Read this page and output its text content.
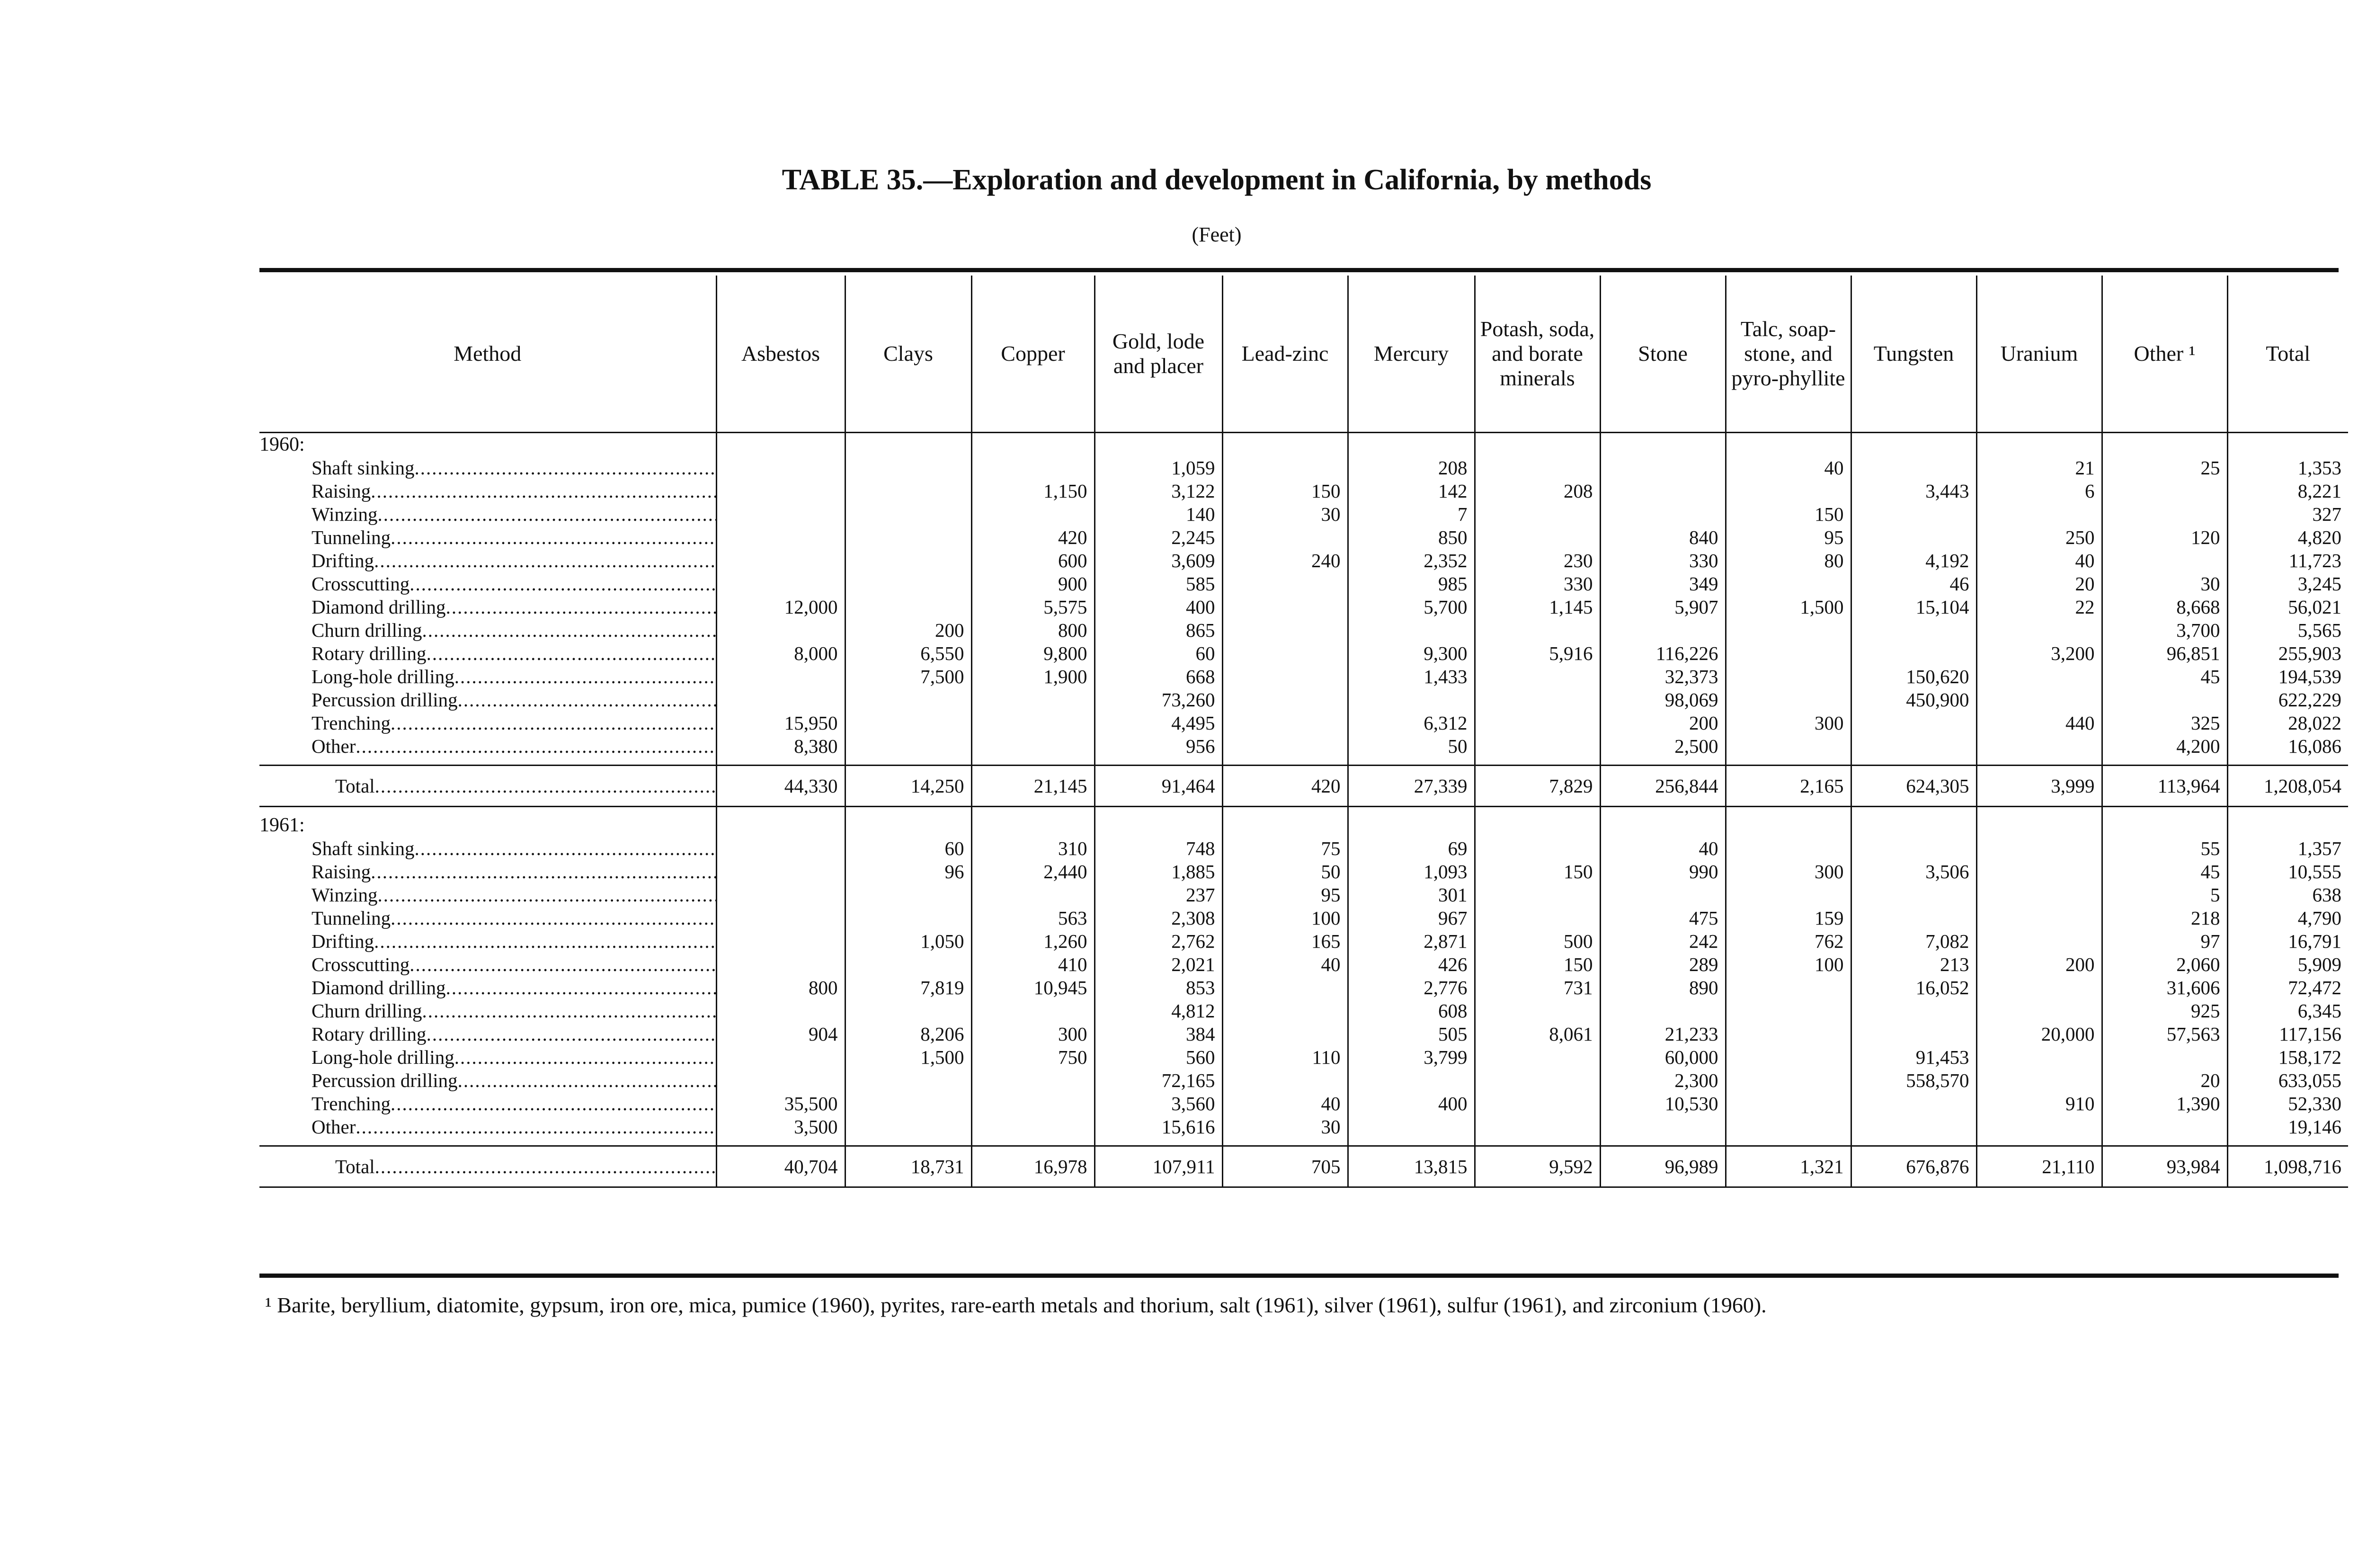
TABLE 35.—Exploration and development in California, by methods
(Feet)
Method	Asbestos	Clays	Copper	Gold, lode and placer	Lead-zinc	Mercury	Potash, soda, and borate minerals	Stone	Talc, soap-stone, and pyro-phyllite	Tungsten	Uranium	Other ¹	Total
1960:													
Shaft sinking .....				1,059		208			40		21	25	1,353
Raising .....			1,150	3,122	150	142	208			3,443	6		8,221
Winzing .....				140	30	7			150				327
Tunneling .....			420	2,245		850		840	95		250	120	4,820
Drifting .....			600	3,609	240	2,352	230	330	80	4,192	40		11,723
Crosscutting .....			900	585		985	330	349		46	20	30	3,245
Diamond drilling .....	12,000		5,575	400		5,700	1,145	5,907	1,500	15,104	22	8,668	56,021
Churn drilling .....		200	800	865								3,700	5,565
Rotary drilling .....	8,000	6,550	9,800	60		9,300	5,916	116,226			3,200	96,851	255,903
Long-hole drilling .....		7,500	1,900	668		1,433		32,373		150,620		45	194,539
Percussion drilling .....				73,260				98,069		450,900			622,229
Trenching .....	15,950			4,495		6,312		200	300		440	325	28,022
Other .....	8,380			956		50		2,500				4,200	16,086

Total .....	44,330	14,250	21,145	91,464	420	27,339	7,829	256,844	2,165	624,305	3,999	113,964	1,208,054

1961:													
Shaft sinking .....		60	310	748	75	69		40				55	1,357
Raising .....		96	2,440	1,885	50	1,093	150	990	300	3,506		45	10,555
Winzing .....				237	95	301						5	638
Tunneling .....			563	2,308	100	967		475	159			218	4,790
Drifting .....		1,050	1,260	2,762	165	2,871	500	242	762	7,082		97	16,791
Crosscutting .....			410	2,021	40	426	150	289	100	213	200	2,060	5,909
Diamond drilling .....	800	7,819	10,945	853		2,776	731	890		16,052		31,606	72,472
Churn drilling .....				4,812		608						925	6,345
Rotary drilling .....	904	8,206	300	384		505	8,061	21,233			20,000	57,563	117,156
Long-hole drilling .....		1,500	750	560	110	3,799		60,000		91,453			158,172
Percussion drilling .....				72,165				2,300		558,570		20	633,055
Trenching .....	35,500			3,560	40	400		10,530			910	1,390	52,330
Other .....	3,500			15,616	30								19,146

Total .....	40,704	18,731	16,978	107,911	705	13,815	9,592	96,989	1,321	676,876	21,110	93,984	1,098,716
¹ Barite, beryllium, diatomite, gypsum, iron ore, mica, pumice (1960), pyrites, rare-earth metals and thorium, salt (1961), silver (1961), sulfur (1961), and zirconium (1960).
